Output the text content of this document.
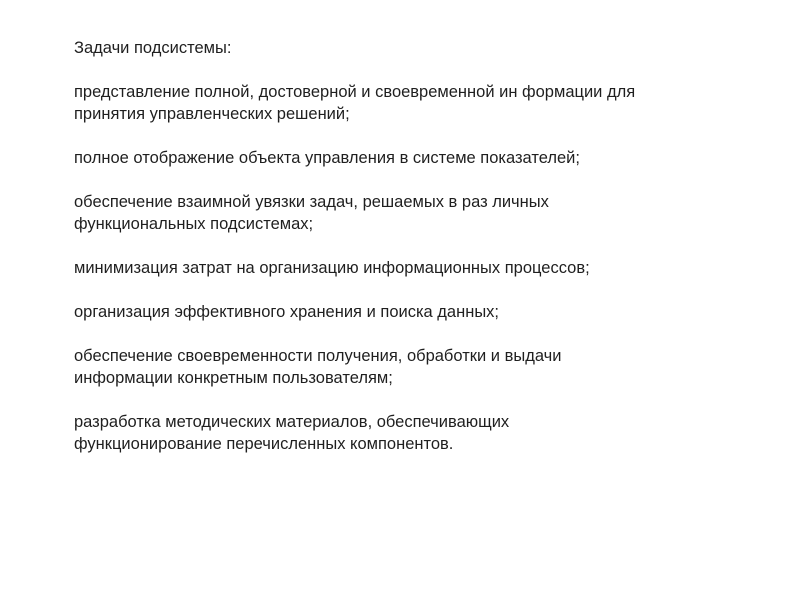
Задачи подсистемы:
представление полной, достоверной и своевременной ин формации для
принятия управленческих решений;
полное отображение объекта управления в системе показателей;
обеспечение взаимной увязки задач, решаемых в раз личных
функциональных подсистемах;
минимизация затрат на организацию информационных процессов;
организация эффективного хранения и поиска данных;
обеспечение своевременности получения, обработки и выдачи
информации конкретным пользователям;
разработка методических материалов, обеспечивающих
функционирование перечисленных компонентов.
